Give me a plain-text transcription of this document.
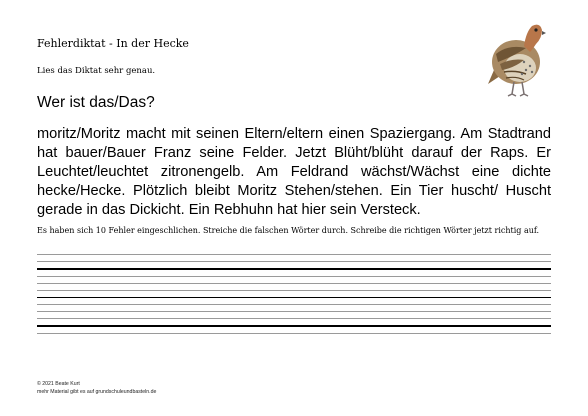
Fehlerdiktat - In der Hecke
Lies das Diktat sehr genau.
Wer ist das/Das?

moritz/Moritz macht mit seinen Eltern/eltern einen Spaziergang. Am Stadtrand hat bauer/Bauer Franz seine Felder. Jetzt Blüht/blüht darauf der Raps. Er Leuchtet/leuchtet zitronengelb. Am Feldrand wächst/Wächst eine dichte hecke/Hecke. Plötzlich bleibt Moritz Stehen/stehen. Ein Tier huscht/ Huscht gerade in das Dickicht. Ein Rebhuhn hat hier sein Versteck.

Es haben sich 10 Fehler eingeschlichen. Streiche die falschen Wörter durch. Schreibe die richtigen Wörter jetzt richtig auf.

© 2021 Beate Kurt
mehr Material gibt es auf grundschuleundbasteln.de
